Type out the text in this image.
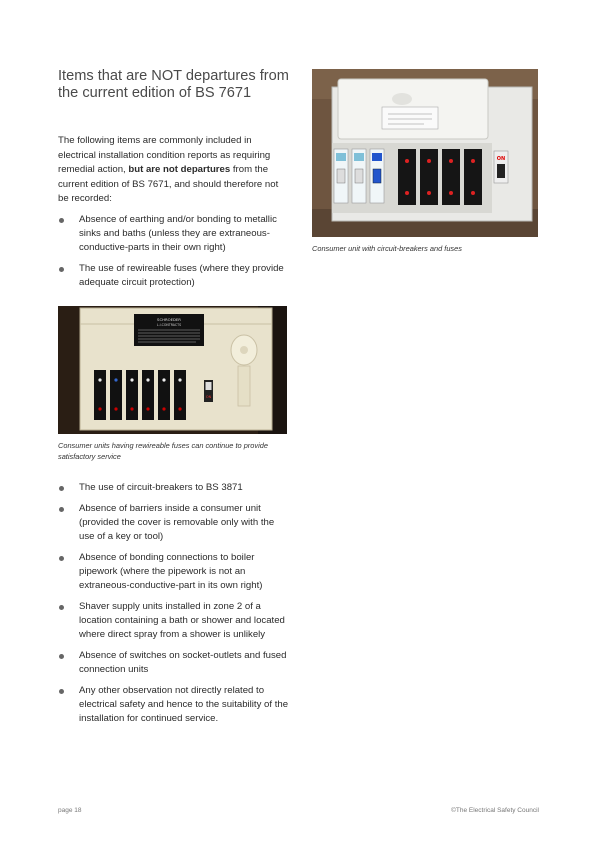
Items that are NOT departures from the current edition of BS 7671

The following items are commonly included in electrical installation condition reports as requiring remedial action, but are not departures from the current edition of BS 7671, and should therefore not be recorded:

Absence of earthing and/or bonding to metallic sinks and baths (unless they are extraneous-conductive-parts in their own right)
The use of rewireable fuses (where they provide adequate circuit protection)
SCHROEDER
L.I.CONTRACTS
ON

Consumer units having rewireable fuses can continue to provide satisfactory service

ON

Consumer unit with circuit-breakers and fuses

The use of circuit-breakers to BS 3871
Absence of barriers inside a consumer unit (provided the cover is removable only with the use of a key or tool)
Absence of bonding connections to boiler pipework (where the pipework is not an extraneous-conductive-part in its own right)
Shaver supply units installed in zone 2 of a location containing a bath or shower and located where direct spray from a shower is unlikely
Absence of switches on socket-outlets and fused connection units
Any other observation not directly related to electrical safety and hence to the suitability of the installation for continued service.
page 18	©The Electrical Safety Council
